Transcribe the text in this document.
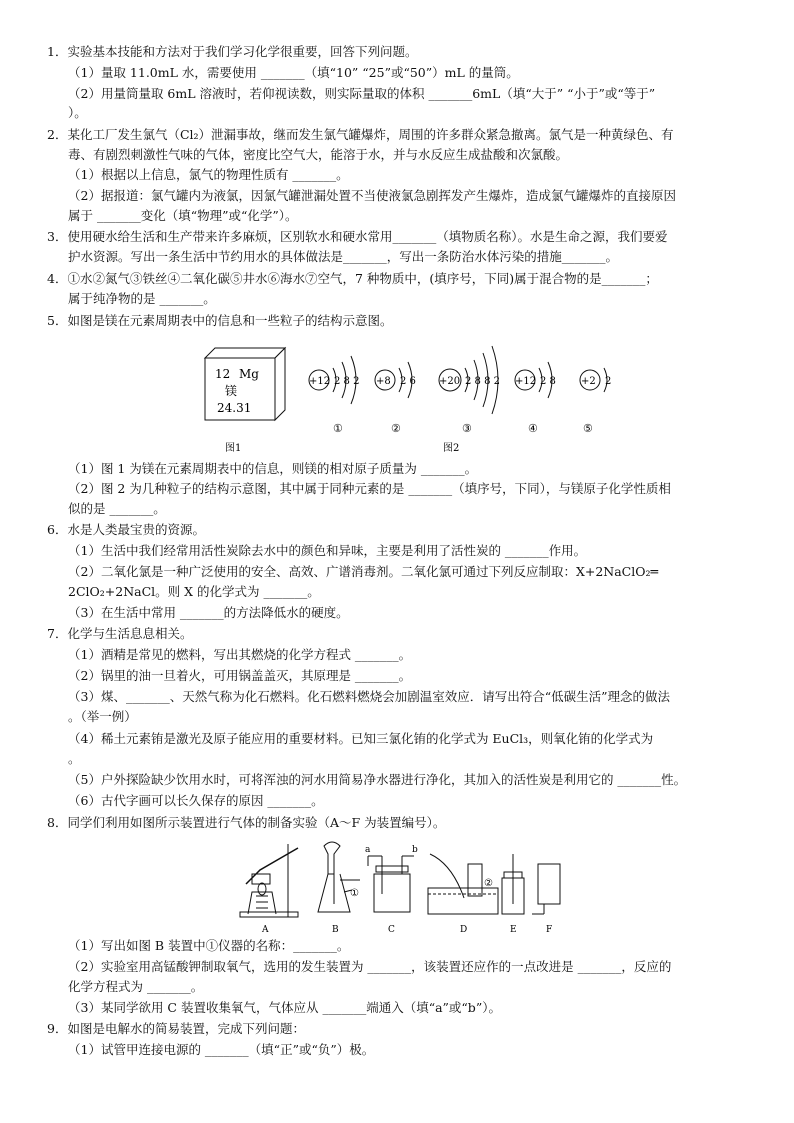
1．实验基本技能和方法对于我们学习化学很重要，回答下列问题。
（1）量取 11.0mL 水，需要使用 _______（填“10” “25”或“50”）mL 的量筒。
（2）用量筒量取 6mL 溶液时，若仰视读数，则实际量取的体积 _______6mL（填“大于” “小于”或“等于”
）。
2．某化工厂发生氯气（Cl₂）泄漏事故，继而发生氯气罐爆炸，周围的许多群众紧急撤离。氯气是一种黄绿色、有
毒、有剧烈刺激性气味的气体，密度比空气大，能溶于水，并与水反应生成盐酸和次氯酸。
（1）根据以上信息，氯气的物理性质有 _______。
（2）据报道：氯气罐内为液氯，因氯气罐泄漏处置不当使液氯急剧挥发产生爆炸，造成氯气罐爆炸的直接原因
属于 _______变化（填“物理”或“化学”）。
3．使用硬水给生活和生产带来许多麻烦，区别软水和硬水常用_______（填物质名称）。水是生命之源，我们要爱
护水资源。写出一条生活中节约用水的具体做法是_______，写出一条防治水体污染的措施_______。
4．①水②氮气③铁丝④二氧化碳⑤井水⑥海水⑦空气，7 种物质中，(填序号，下同)属于混合物的是_______；
属于纯净物的是 _______。
5．如图是镁在元素周期表中的信息和一些粒子的结构示意图。
12 Mg
镁
24.31
图1
+12 2 8 2
①
+8 2 6
②
+20 2 8 8 2
③
+12 2 8
④
+2 2
⑤
图2
（1）图 1 为镁在元素周期表中的信息，则镁的相对原子质量为 _______。
（2）图 2 为几种粒子的结构示意图，其中属于同种元素的是 _______（填序号，下同），与镁原子化学性质相
似的是 _______。
6．水是人类最宝贵的资源。
（1）生活中我们经常用活性炭除去水中的颜色和异味，主要是利用了活性炭的 _______作用。
（2）二氧化氯是一种广泛使用的安全、高效、广谱消毒剂。二氧化氯可通过下列反应制取：X+2NaClO₂═
2ClO₂+2NaCl。则 X 的化学式为 _______。
（3）在生活中常用 _______的方法降低水的硬度。
7．化学与生活息息相关。
（1）酒精是常见的燃料，写出其燃烧的化学方程式 _______。
（2）锅里的油一旦着火，可用锅盖盖灭，其原理是 _______。
（3）煤、_______、天然气称为化石燃料。化石燃料燃烧会加剧温室效应．请写出符合“低碳生活”理念的做法
。（举一例）
（4）稀土元素铕是激光及原子能应用的重要材料。已知三氯化铕的化学式为 EuCl₃，则氧化铕的化学式为
。
（5）户外探险缺少饮用水时，可将浑浊的河水用简易净水器进行净化，其加入的活性炭是利用它的 _______性。
（6）古代字画可以长久保存的原因 _______。
8．同学们利用如图所示装置进行气体的制备实验（A～F 为装置编号）。
①
a	b
②
A	B	C	D	E	F
（1）写出如图 B 装置中①仪器的名称：_______。
（2）实验室用高锰酸钾制取氧气，选用的发生装置为 _______，该装置还应作的一点改进是 _______，反应的
化学方程式为 _______。
（3）某同学欲用 C 装置收集氧气，气体应从 _______端通入（填“a”或“b”）。
9．如图是电解水的简易装置，完成下列问题：
（1）试管甲连接电源的 _______（填“正”或“负”）极。
